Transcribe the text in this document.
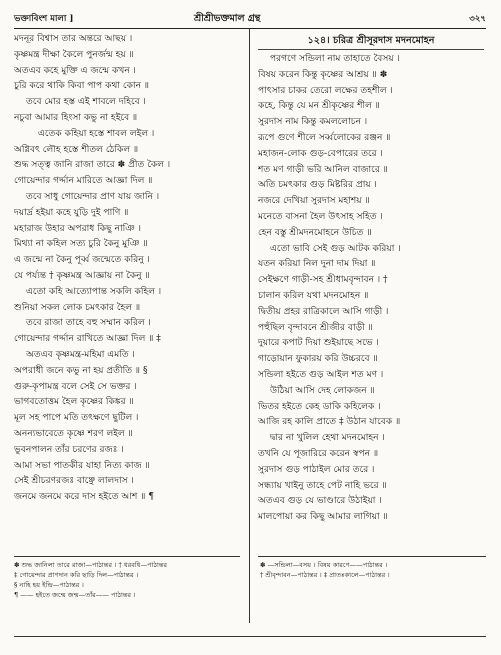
ভক্তাবিংশ মালা ]	শ্রীশ্রীভক্তমাল গ্রন্থ	৩২৭
মদনূর বিশ্বাস তার অন্তরে আছয় ।
কৃষ্ণমন্ত্র দীক্ষা কৈলে পুনর্জন্ম হয় ॥
অতএব কহে মুক্তি এ জন্মে কখন ।
চুরি করে থাকি কিবা পাপ কথা কোন ॥
তবে মোর হস্ত এই শাবলে দহিবে ।
নচুবা আমার হিংসা কভু না হইবে ॥
এতেক কহিয়া হস্তে শাবল লইল ।
অগ্নিবৎ লৌহ হস্তে শীতল ঠেকিল ॥
শুদ্ধ সত্ত্ব জানি রাজা তারে ✽ প্রীত কৈল ।
গোয়েন্দার গর্দ্দান মারিতে আজ্ঞা দিল ॥
তবে সাধু গোয়েন্দার প্রাণ যায় জানি ।
দয়ার্দ্র হইয়া কহে যুড়ি দুই পাণি ॥
মহারাজ উহার অপরাধ কিছু নাঞি ।
মিথ্যা না কহিল সত্য চুরি কৈনু মুঞি ॥
এ জন্মে না কৈনু পূর্ব্ব জন্মেতে করিনু ।
যে পর্য্যন্ত † কৃষ্ণমন্ত্র আজ্ঞায় না কৈনু ॥
এতো কহি আত্যোপান্ত সকলি কহিল ।
শুনিয়া সকল লোক চমৎকার হৈল ॥
তবে রাজা তাহে বহু সম্মান করিল ।
গোয়েন্দার গর্দ্দান রাখিতে আজ্ঞা দিল ॥ ‡
অতএব কৃষ্ণমন্ত্র-মহিমা এমতি ।
অপরাধী জনে কভু না হয় প্রতীতি ॥ §
গুরু-কৃপামন্ত্র বলে সেই সে ভক্তর ।
ভাগবতোত্তম হৈল কৃষ্ণের কিঙ্কর ॥
মূল সহ পাপে মতি তৎক্ষণে ছুটিল ।
অনন্যভাবেতে কৃষ্ণে শরণ লইল ॥
ভুবনপালন তাঁর চরণের রজঃ ।
আমা সভা পাতকীর যাহা নিত্য কাজ ॥
সেই শ্রীচরণরজঃ বাঞ্ছে লালদাস ।
জনমে জনমে করে দাস হইতে আশ ॥ ¶
১২৪। চরিত্র শ্রীসূরদাস মদনমোহন
পরগণে সন্ডিলা নাম তাহাতে বৈসয় ।
বিষয় করেন কিন্তু কৃষ্ণের আশ্রয় ॥ ✽
পাৎসার চাকর তেরো লক্ষের তহশীল ।
কহে, কিন্তু যে মন শ্রীকৃষ্ণের শীল ॥
সুরদাস নাম কিন্তু কমললোচন ।
রূপে গুণে শীলে সর্ব্বলোকের রঞ্জন ॥
মহাজন-লোক গুড়-বেপারের তরে ।
শত মণ গাড়ী ভরি আনিল বাজারে ॥
অতি চমৎকার গুড় মিষ্টরির প্রায় ।
নজরে দেখিয়া সুরদাস মহাশয় ॥
মনেতে বাসনা হৈল উৎসাহ সহিত ।
হেন বস্তু শ্রীমদনমোহনে উচিত ॥
এতো ভাবি সেই গুড় আটক করিয়া ।
যতন করিয়া নিল দুনা দাম দিয়া ॥
সেইক্ষণে গাড়ী-সহ শ্রীধামবৃন্দাবন । †
চালান করিল যথা মদনমোহন ॥
দ্বিতীয় প্রহর রাত্রিকালে আসি গাড়ী ।
পহুঁছিল বৃন্দাবনে শ্রীজীর বাড়ী ॥
দুয়ারে কপাট দিয়া শুইয়াছে সভে ।
গাড়োয়ান ফুকারয় করি উচ্চরবে ॥
সন্ডিলা হইতে গুড় আইল শত মণ ।
উঠিয়া আসি দেহ লোকজন ॥
ভিতর হইতে কেহ ডাকি কহিলেক ।
আজি রহ কালি প্রাতে ‡ উঠান যাবেক ॥
দ্বার না খুলিল হেথা মদনমোহন ।
তখনি যে পূজারিরে করেন স্বপন ॥
সুরদাস গুড় পাঠাইল মোর তরে ।
সন্ধ্যায় খাইনু তাহে পেট নাহি ভরে ॥
অতএব গুড় যে ভাণ্ডারে উঠাইয়া ।
মালপোয়া কর কিছু আমার লাগিয়া ॥
✽ শুদ্ধ জানিলা তারে রাজা—পাঠান্তর । † ধরবধি—পাঠান্তর
‡ গোয়েন্দার প্রাণদান করি ছাড়ি দিল—পাঠান্তর ।
§ নাহি হয় ইন্দ্রি—পাঠান্তর ।
¶ —— হইতে জন্মে জন্ম—তাঁর—— পাঠান্তর ।
✽ —সন্ডিলা—বসয় । বিষয় কারণে——পাঠান্তর ।
† শ্রীবৃন্দাবন—পাঠান্তর । ‡ প্রাতঃকালে—পাঠান্তর ।
